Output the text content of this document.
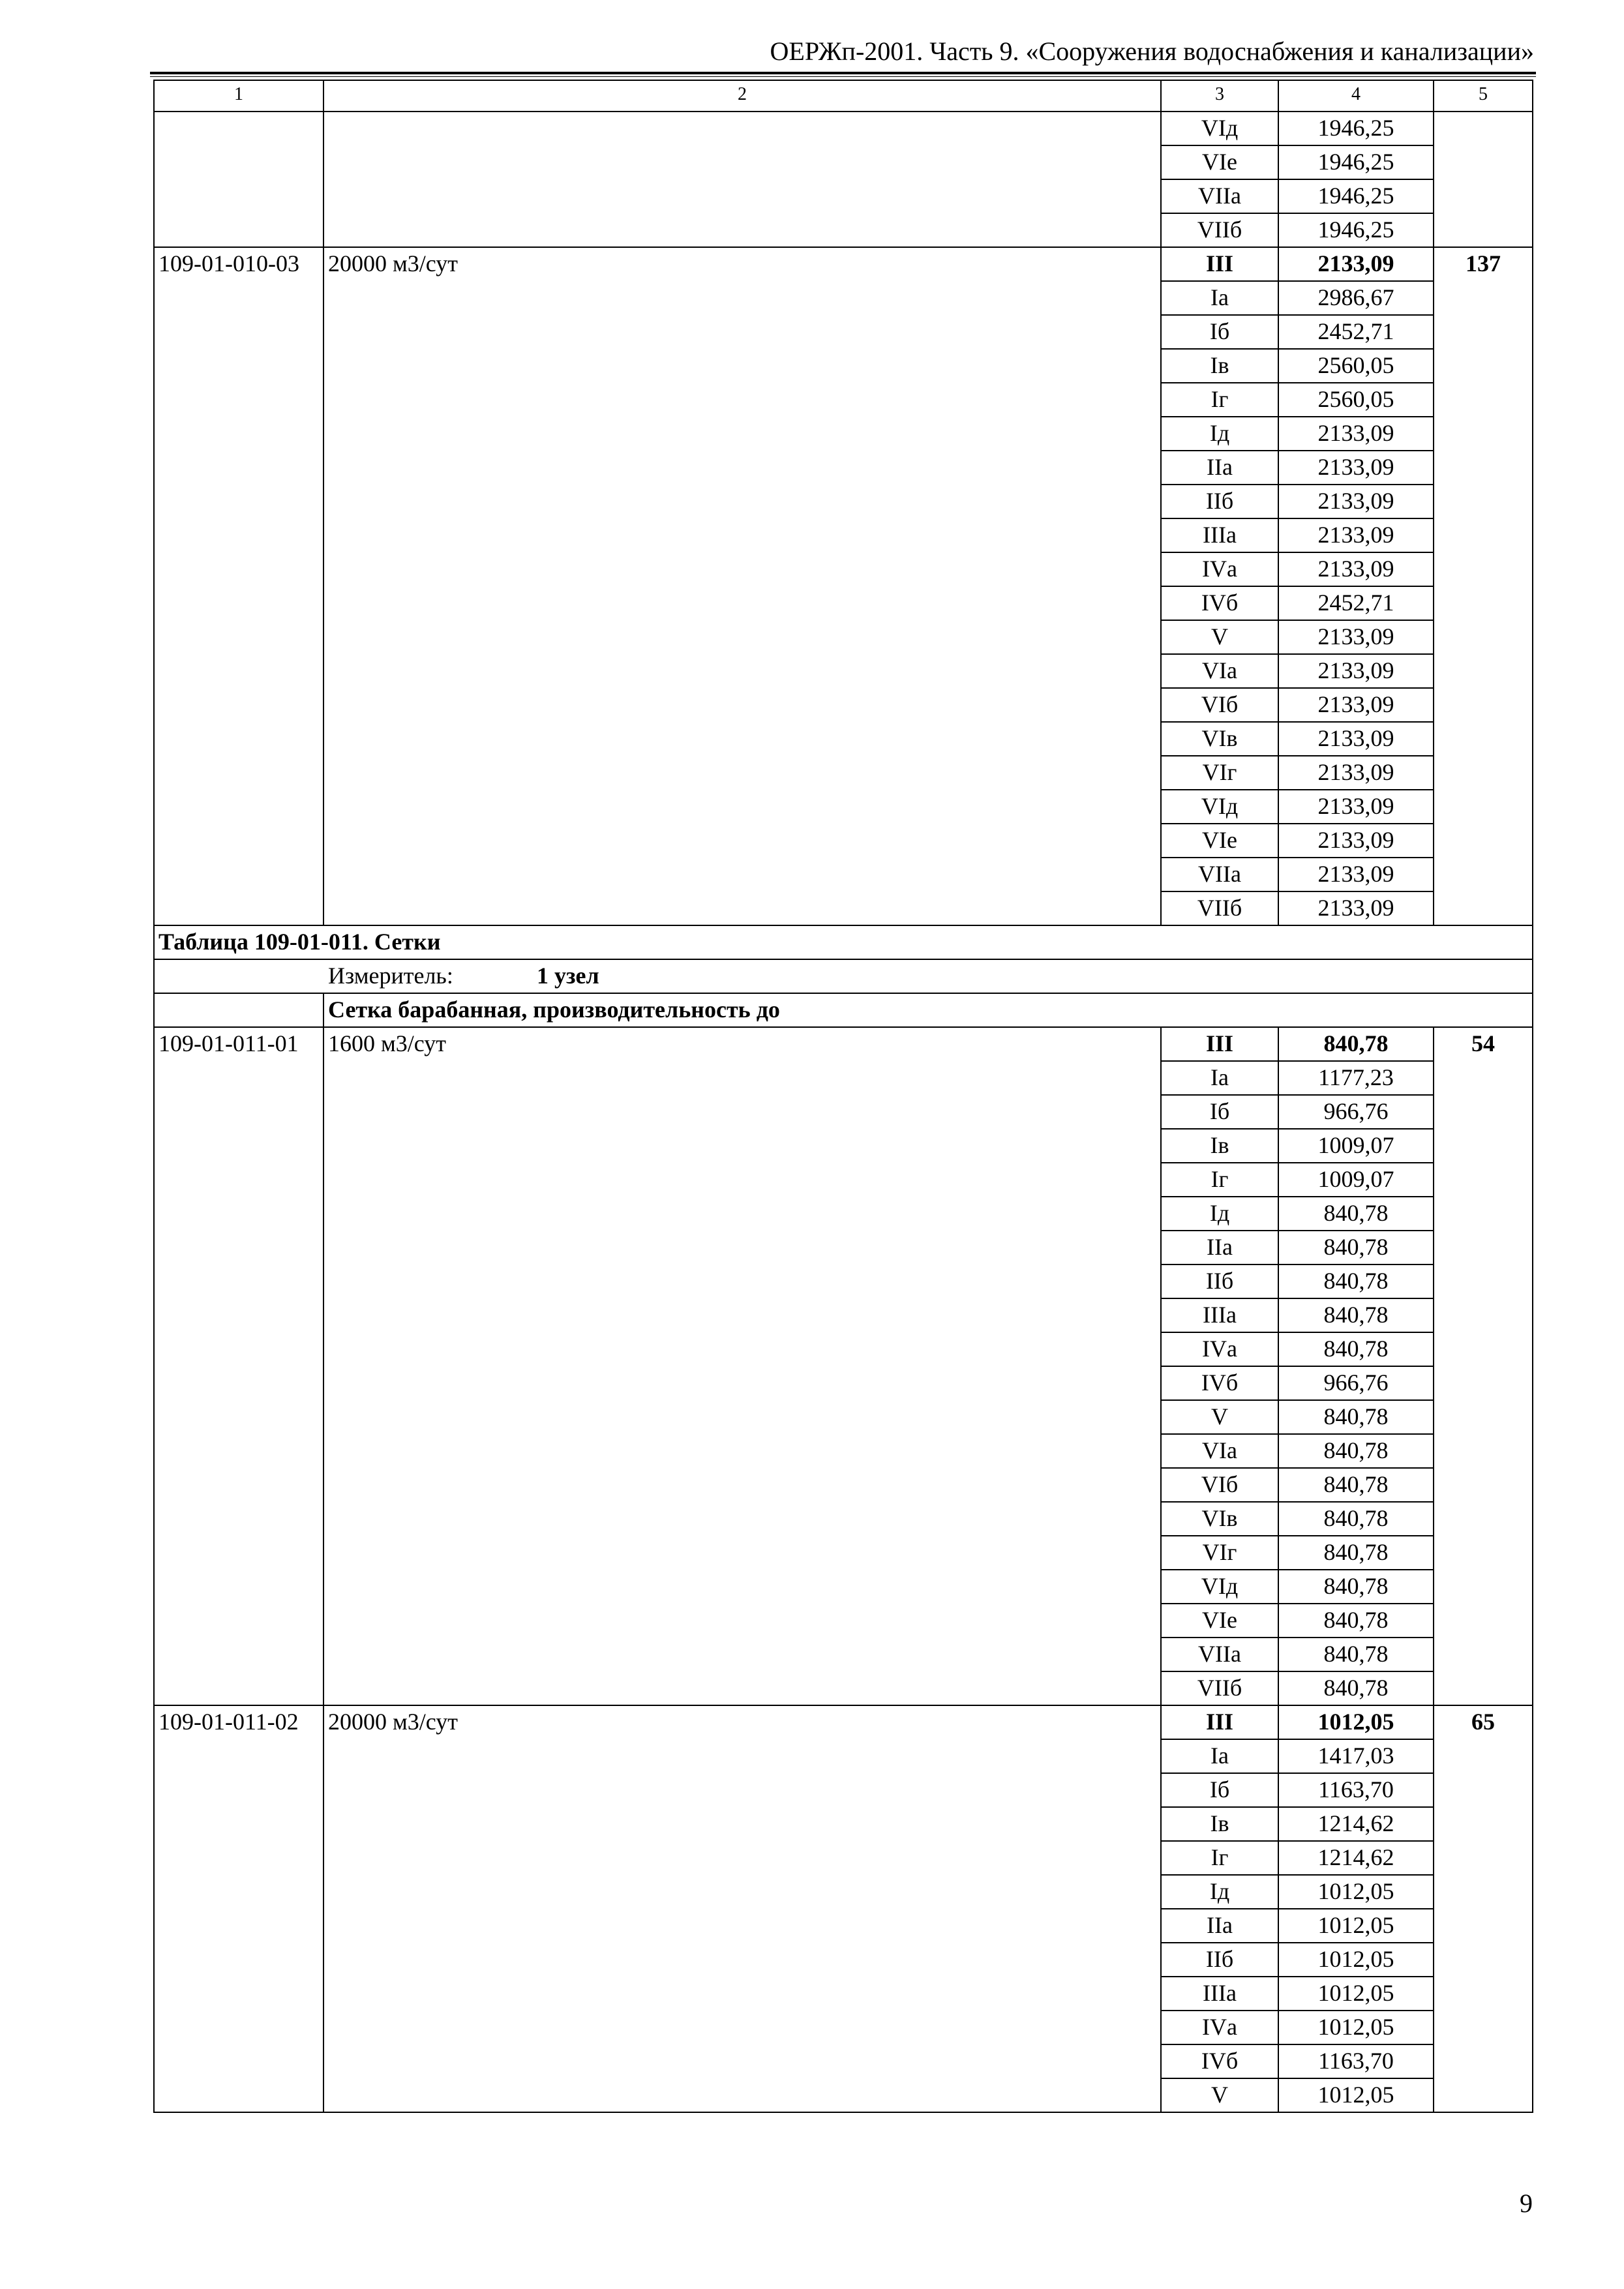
ОЕРЖп-2001. Часть 9. «Сооружения водоснабжения и канализации»
1	2	3	4	5
		VIд	1946,25	
		VIе	1946,25	
		VIIа	1946,25	
		VIIб	1946,25	
109-01-010-03	20000 м3/сут	III	2133,09	137
		Iа	2986,67	
		Iб	2452,71	
		Iв	2560,05	
		Iг	2560,05	
		Iд	2133,09	
		IIа	2133,09	
		IIб	2133,09	
		IIIа	2133,09	
		IVа	2133,09	
		IVб	2452,71	
		V	2133,09	
		VIа	2133,09	
		VIб	2133,09	
		VIв	2133,09	
		VIг	2133,09	
		VIд	2133,09	
		VIе	2133,09	
		VIIа	2133,09	
		VIIб	2133,09	
Таблица 109-01-011. Сетки				
Измеритель: 1 узел				
	Сетка барабанная, производительность до			
109-01-011-01	1600 м3/сут	III	840,78	54
		Iа	1177,23	
		Iб	966,76	
		Iв	1009,07	
		Iг	1009,07	
		Iд	840,78	
		IIа	840,78	
		IIб	840,78	
		IIIа	840,78	
		IVа	840,78	
		IVб	966,76	
		V	840,78	
		VIа	840,78	
		VIб	840,78	
		VIв	840,78	
		VIг	840,78	
		VIд	840,78	
		VIе	840,78	
		VIIа	840,78	
		VIIб	840,78	
109-01-011-02	20000 м3/сут	III	1012,05	65
		Iа	1417,03	
		Iб	1163,70	
		Iв	1214,62	
		Iг	1214,62	
		Iд	1012,05	
		IIа	1012,05	
		IIб	1012,05	
		IIIа	1012,05	
		IVа	1012,05	
		IVб	1163,70	
		V	1012,05	
9
